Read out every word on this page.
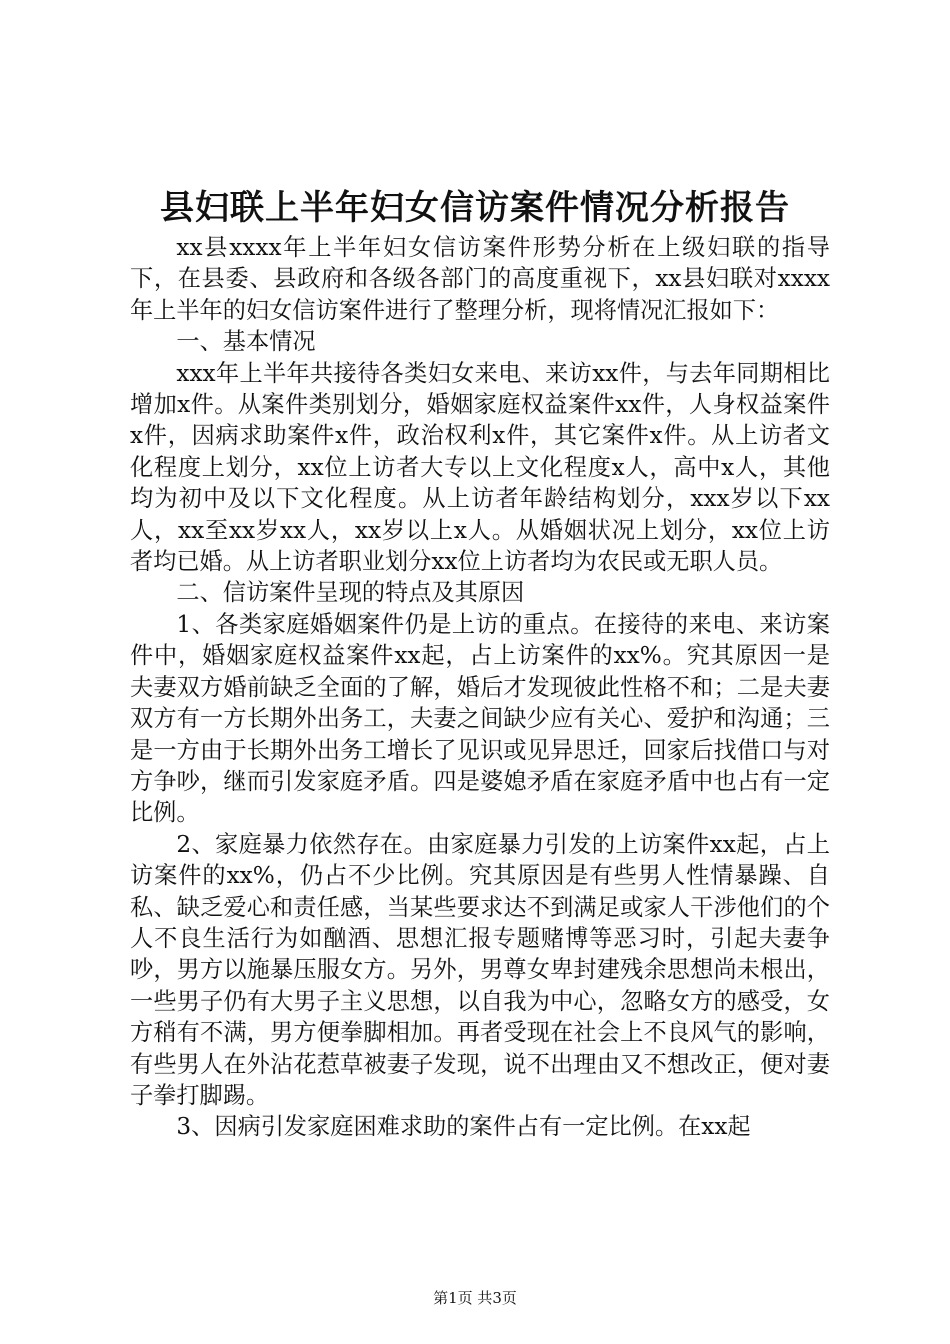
县妇联上半年妇女信访案件情况分析报告

xx县xxxx年上半年妇女信访案件形势分析在上级妇联的指导下，在县委、县政府和各级各部门的高度重视下，xx县妇联对xxxx年上半年的妇女信访案件进行了整理分析，现将情况汇报如下：

一、基本情况

xxx年上半年共接待各类妇女来电、来访xx件，与去年同期相比增加x件。从案件类别划分，婚姻家庭权益案件xx件，人身权益案件x件，因病求助案件x件，政治权利x件，其它案件x件。从上访者文化程度上划分，xx位上访者大专以上文化程度x人，高中x人，其他均为初中及以下文化程度。从上访者年龄结构划分，xxx岁以下xx人，xx至xx岁xx人，xx岁以上x人。从婚姻状况上划分，xx位上访者均已婚。从上访者职业划分xx位上访者均为农民或无职人员。

二、信访案件呈现的特点及其原因

1、各类家庭婚姻案件仍是上访的重点。在接待的来电、来访案件中，婚姻家庭权益案件xx起，占上访案件的xx%。究其原因一是夫妻双方婚前缺乏全面的了解，婚后才发现彼此性格不和；二是夫妻双方有一方长期外出务工，夫妻之间缺少应有关心、爱护和沟通；三是一方由于长期外出务工增长了见识或见异思迁，回家后找借口与对方争吵，继而引发家庭矛盾。四是婆媳矛盾在家庭矛盾中也占有一定比例。

2、家庭暴力依然存在。由家庭暴力引发的上访案件xx起，占上访案件的xx%，仍占不少比例。究其原因是有些男人性情暴躁、自私、缺乏爱心和责任感，当某些要求达不到满足或家人干涉他们的个人不良生活行为如酗酒、思想汇报专题赌博等恶习时，引起夫妻争吵，男方以施暴压服女方。另外，男尊女卑封建残余思想尚未根出，一些男子仍有大男子主义思想，以自我为中心，忽略女方的感受，女方稍有不满，男方便拳脚相加。再者受现在社会上不良风气的影响，有些男人在外沾花惹草被妻子发现，说不出理由又不想改正，便对妻子拳打脚踢。

3、因病引发家庭困难求助的案件占有一定比例。在xx起

第1页 共3页
